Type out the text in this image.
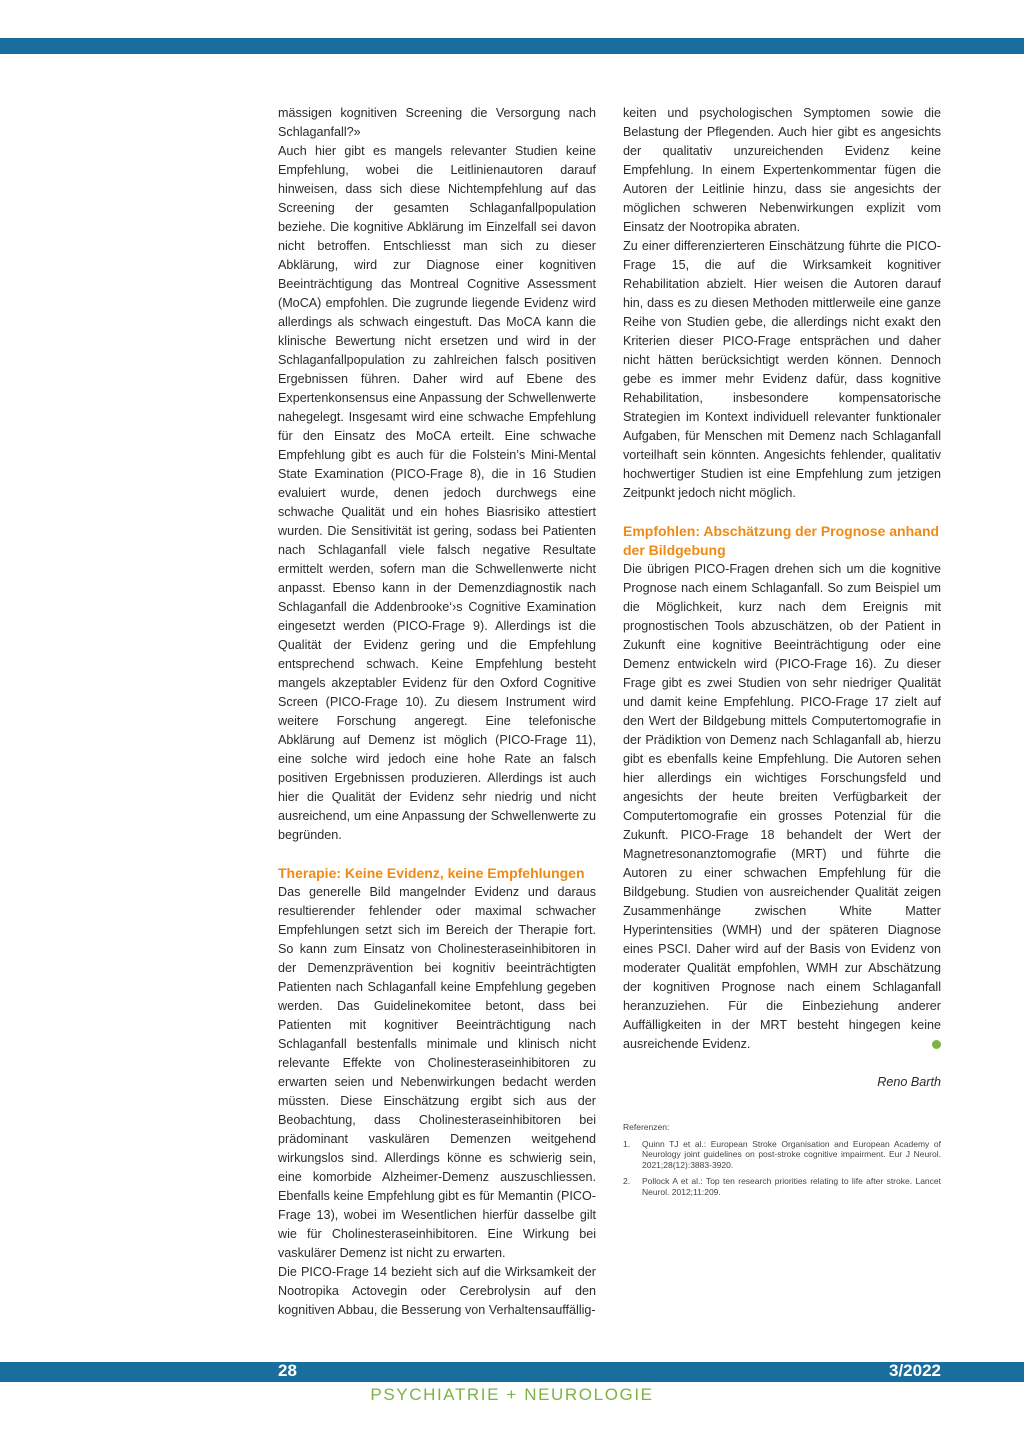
mässigen kognitiven Screening die Versorgung nach Schlaganfall?»

Auch hier gibt es mangels relevanter Studien keine Empfehlung, wobei die Leitlinienautoren darauf hinweisen, dass sich diese Nichtempfehlung auf das Screening der gesamten Schlaganfallpopulation beziehe. Die kognitive Abklärung im Einzelfall sei davon nicht betroffen. Entschliesst man sich zu dieser Abklärung, wird zur Diagnose einer kognitiven Beeinträchtigung das Montreal Cognitive Assessment (MoCA) empfohlen. Die zugrunde liegende Evidenz wird allerdings als schwach eingestuft. Das MoCA kann die klinische Bewertung nicht ersetzen und wird in der Schlaganfallpopulation zu zahlreichen falsch positiven Ergebnissen führen. Daher wird auf Ebene des Expertenkonsensus eine Anpassung der Schwellenwerte nahegelegt. Insgesamt wird eine schwache Empfehlung für den Einsatz des MoCA erteilt. Eine schwache Empfehlung gibt es auch für die Folstein’s Mini-Mental State Examination (PICO-Frage 8), die in 16 Studien evaluiert wurde, denen jedoch durchwegs eine schwache Qualität und ein hohes Biasrisiko attestiert wurden. Die Sensitivität ist gering, sodass bei Patienten nach Schlaganfall viele falsch negative Resultate ermittelt werden, sofern man die Schwellenwerte nicht anpasst. Ebenso kann in der Demenzdiagnostik nach Schlaganfall die Addenbrooke‘›s Cognitive Examination eingesetzt werden (PICO-Frage 9). Allerdings ist die Qualität der Evidenz gering und die Empfehlung entsprechend schwach. Keine Empfehlung besteht mangels akzeptabler Evidenz für den Oxford Cognitive Screen (PICO-Frage 10). Zu diesem Instrument wird weitere Forschung angeregt. Eine telefonische Abklärung auf Demenz ist möglich (PICO-Frage 11), eine solche wird jedoch eine hohe Rate an falsch positiven Ergebnissen produzieren. Allerdings ist auch hier die Qualität der Evidenz sehr niedrig und nicht ausreichend, um eine Anpassung der Schwellenwerte zu begründen.

Therapie: Keine Evidenz, keine Empfehlungen

Das generelle Bild mangelnder Evidenz und daraus resultierender fehlender oder maximal schwacher Empfehlungen setzt sich im Bereich der Therapie fort. So kann zum Einsatz von Cholinesteraseinhibitoren in der Demenzprävention bei kognitiv beeinträchtigten Patienten nach Schlaganfall keine Empfehlung gegeben werden. Das Guidelinekomitee betont, dass bei Patienten mit kognitiver Beeinträchtigung nach Schlaganfall bestenfalls minimale und klinisch nicht relevante Effekte von Cholinesteraseinhibitoren zu erwarten seien und Nebenwirkungen bedacht werden müssten. Diese Einschätzung ergibt sich aus der Beobachtung, dass Cholinesteraseinhibitoren bei prädominant vaskulären Demenzen weitgehend wirkungslos sind. Allerdings könne es schwierig sein, eine komorbide Alzheimer-Demenz auszuschliessen. Ebenfalls keine Empfehlung gibt es für Memantin (PICO-Frage 13), wobei im Wesentlichen hierfür dasselbe gilt wie für Cholinesteraseinhibitoren. Eine Wirkung bei vaskulärer Demenz ist nicht zu erwarten.

Die PICO-Frage 14 bezieht sich auf die Wirksamkeit der Nootropika Actovegin oder Cerebrolysin auf den kognitiven Abbau, die Besserung von Verhaltensauffällig-

keiten und psychologischen Symptomen sowie die Belastung der Pflegenden. Auch hier gibt es angesichts der qualitativ unzureichenden Evidenz keine Empfehlung. In einem Expertenkommentar fügen die Autoren der Leitlinie hinzu, dass sie angesichts der möglichen schweren Nebenwirkungen explizit vom Einsatz der Nootropika abraten.

Zu einer differenzierteren Einschätzung führte die PICO-Frage 15, die auf die Wirksamkeit kognitiver Rehabilitation abzielt. Hier weisen die Autoren darauf hin, dass es zu diesen Methoden mittlerweile eine ganze Reihe von Studien gebe, die allerdings nicht exakt den Kriterien dieser PICO-Frage entsprächen und daher nicht hätten berücksichtigt werden können. Dennoch gebe es immer mehr Evidenz dafür, dass kognitive Rehabilitation, insbesondere kompensatorische Strategien im Kontext individuell relevanter funktionaler Aufgaben, für Menschen mit Demenz nach Schlaganfall vorteilhaft sein könnten. Angesichts fehlender, qualitativ hochwertiger Studien ist eine Empfehlung zum jetzigen Zeitpunkt jedoch nicht möglich.

Empfohlen: Abschätzung der Prognose anhand der Bildgebung

Die übrigen PICO-Fragen drehen sich um die kognitive Prognose nach einem Schlaganfall. So zum Beispiel um die Möglichkeit, kurz nach dem Ereignis mit prognostischen Tools abzuschätzen, ob der Patient in Zukunft eine kognitive Beeinträchtigung oder eine Demenz entwickeln wird (PICO-Frage 16). Zu dieser Frage gibt es zwei Studien von sehr niedriger Qualität und damit keine Empfehlung. PICO-Frage 17 zielt auf den Wert der Bildgebung mittels Computertomografie in der Prädiktion von Demenz nach Schlaganfall ab, hierzu gibt es ebenfalls keine Empfehlung. Die Autoren sehen hier allerdings ein wichtiges Forschungsfeld und angesichts der heute breiten Verfügbarkeit der Computertomografie ein grosses Potenzial für die Zukunft. PICO-Frage 18 behandelt der Wert der Magnetresonanztomografie (MRT) und führte die Autoren zu einer schwachen Empfehlung für die Bildgebung. Studien von ausreichender Qualität zeigen Zusammenhänge zwischen White Matter Hyperintensities (WMH) und der späteren Diagnose eines PSCI. Daher wird auf der Basis von Evidenz von moderater Qualität empfohlen, WMH zur Abschätzung der kognitiven Prognose nach einem Schlaganfall heranzuziehen. Für die Einbeziehung anderer Auffälligkeiten in der MRT besteht hingegen keine ausreichende Evidenz.

Reno Barth
Referenzen:
1.	Quinn TJ et al.: European Stroke Organisation and European Academy of Neurology joint guidelines on post-stroke cognitive impairment. Eur J Neurol. 2021;28(12):3883-3920.
2.	Pollock A et al.: Top ten research priorities relating to life after stroke. Lancet Neurol. 2012;11:209.
28	3/2022
PSYCHIATRIE + NEUROLOGIE
